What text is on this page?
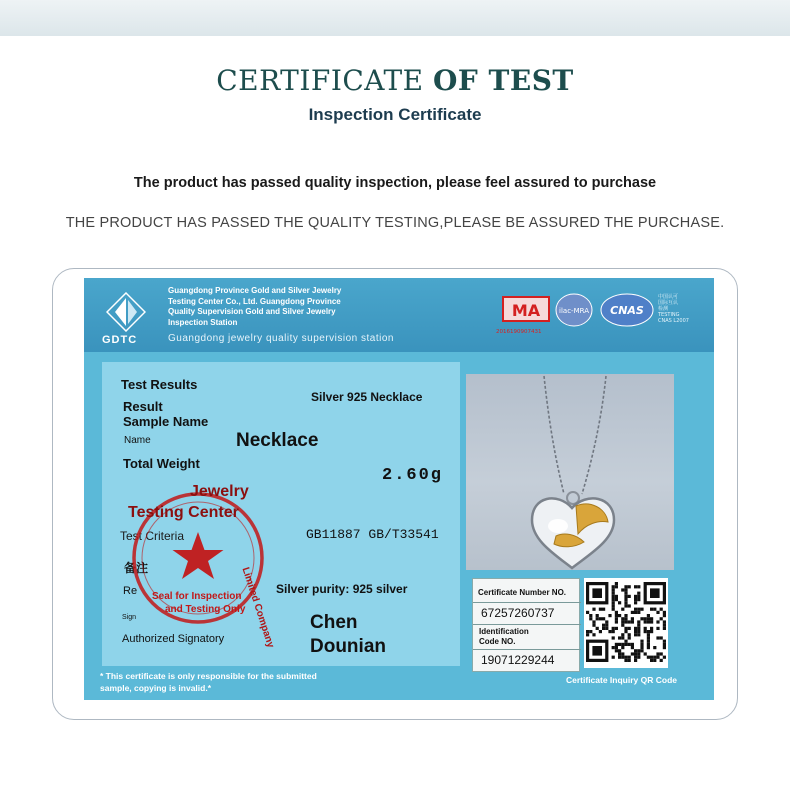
CERTIFICATE OF TEST
Inspection Certificate
The product has passed quality inspection, please feel assured to purchase
THE PRODUCT HAS PASSED THE QUALITY TESTING,PLEASE BE ASSURED THE PURCHASE.
GDTC
Guangdong Province Gold and Silver Jewelry
Testing Center Co., Ltd. Guangdong Province
Quality Supervision Gold and Silver Jewelry
Inspection Station
Guangdong jewelry quality supervision station
MA
2016190907431
ilac-MRA CNAS
中国认可
国际互认
检测
TESTING
CNAS L2007
Test Results
Result
Sample Name
Name
Silver 925 Necklace
Necklace
Total Weight
2.60g
Test Criteria	GB11887 GB/T33541
备注
Re	Silver purity: 925 silver
Sign
Authorized Signatory
Chen
Dounian
Jewelry
Testing Center
Limited Company
Seal for Inspection
and Testing Only
Certificate Number NO.
67257260737
Identification
Code NO.
19071229244
* This certificate is only responsible for the submitted
sample, copying is invalid.*
Certificate Inquiry QR Code
